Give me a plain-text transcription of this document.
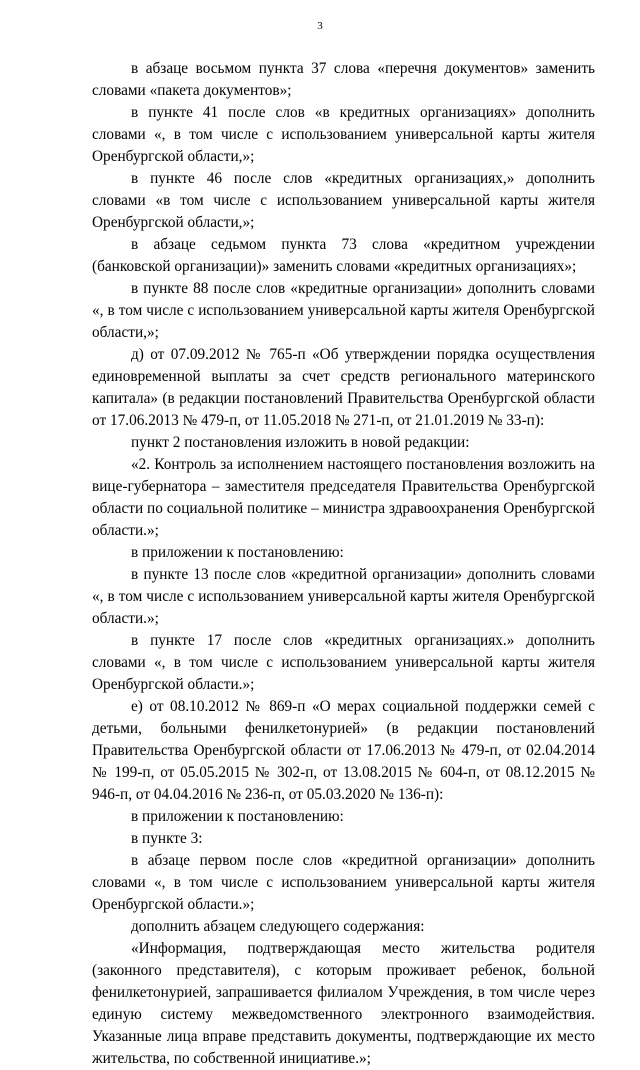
3

в абзаце восьмом пункта 37 слова «перечня документов» заменить словами «пакета документов»;

в пункте 41 после слов «в кредитных организациях» дополнить словами «, в том числе с использованием универсальной карты жителя Оренбургской области,»;

в пункте 46 после слов «кредитных организациях,» дополнить словами «в том числе с использованием универсальной карты жителя Оренбургской области,»;

в абзаце седьмом пункта 73 слова «кредитном учреждении (банковской организации)» заменить словами «кредитных организациях»;

в пункте 88 после слов «кредитные организации» дополнить словами «, в том числе с использованием универсальной карты жителя Оренбургской области,»;

д) от 07.09.2012 № 765-п «Об утверждении порядка осуществления единовременной выплаты за счет средств регионального материнского капитала» (в редакции постановлений Правительства Оренбургской области от 17.06.2013 № 479-п, от 11.05.2018 № 271-п, от 21.01.2019 № 33-п):

пункт 2 постановления изложить в новой редакции:

«2. Контроль за исполнением настоящего постановления возложить на вице-губернатора – заместителя председателя Правительства Оренбургской области по социальной политике – министра здравоохранения Оренбургской области.»;

в приложении к постановлению:

в пункте 13 после слов «кредитной организации» дополнить словами «, в том числе с использованием универсальной карты жителя Оренбургской области.»;

в пункте 17 после слов «кредитных организациях.» дополнить словами «, в том числе с использованием универсальной карты жителя Оренбургской области.»;

е) от 08.10.2012 № 869-п «О мерах социальной поддержки семей с детьми, больными фенилкетонурией» (в редакции постановлений Правительства Оренбургской области от 17.06.2013 № 479-п, от 02.04.2014 № 199-п, от 05.05.2015 № 302-п, от 13.08.2015 № 604-п, от 08.12.2015 № 946-п, от 04.04.2016 № 236-п, от 05.03.2020 № 136-п):

в приложении к постановлению:

в пункте 3:

в абзаце первом после слов «кредитной организации» дополнить словами «, в том числе с использованием универсальной карты жителя Оренбургской области.»;

дополнить абзацем следующего содержания:

«Информация, подтверждающая место жительства родителя (законного представителя), с которым проживает ребенок, больной фенилкетонурией, запрашивается филиалом Учреждения, в том числе через единую систему межведомственного электронного взаимодействия. Указанные лица вправе представить документы, подтверждающие их место жительства, по собственной инициативе.»;
